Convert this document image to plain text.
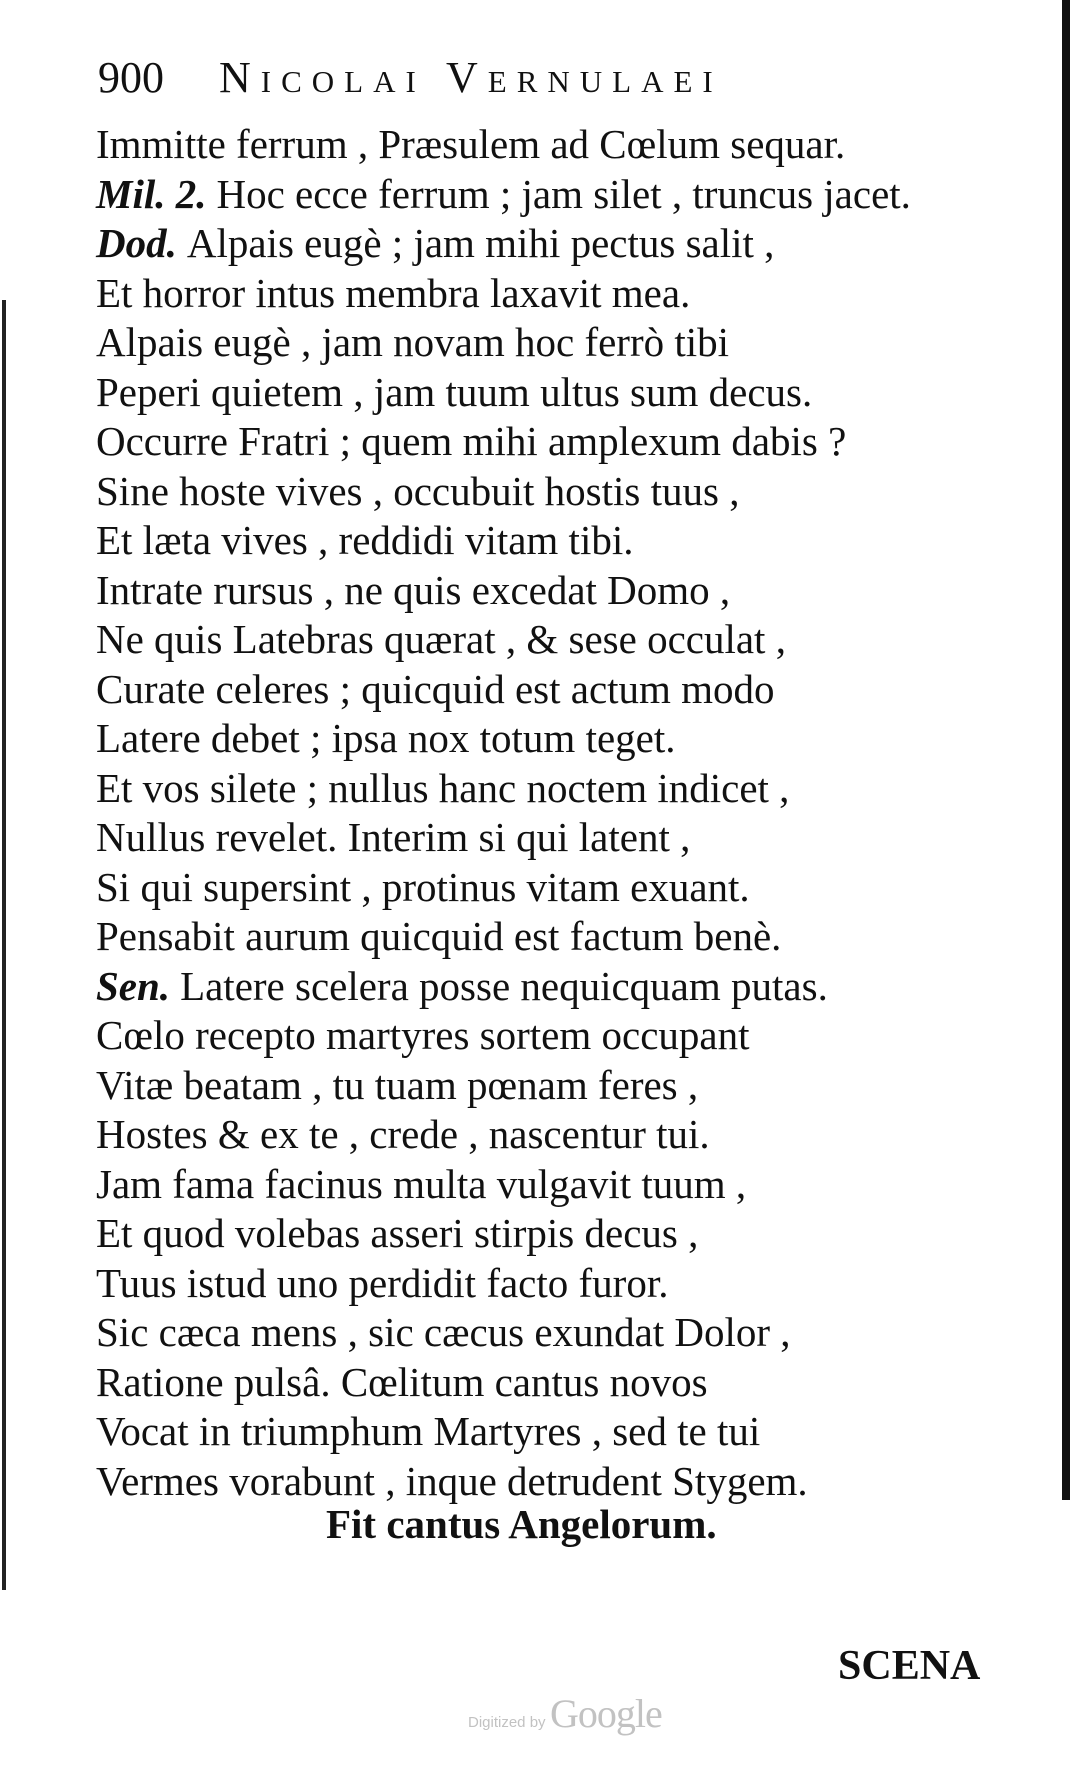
900 Nicolai Vernulaei
Immitte ferrum , Præsulem ad Cœlum sequar.
Mil. 2. Hoc ecce ferrum ; jam silet , truncus jacet.
Dod. Alpais eugè ; jam mihi pectus salit ,
Et horror intus membra laxavit mea.
Alpais eugè , jam novam hoc ferrò tibi
Peperi quietem , jam tuum ultus sum decus.
Occurre Fratri ; quem mihi amplexum dabis ?
Sine hoste vives , occubuit hostis tuus ,
Et læta vives , reddidi vitam tibi.
Intrate rursus , ne quis excedat Domo ,
Ne quis Latebras quærat , & sese occulat ,
Curate celeres ; quicquid est actum modo
Latere debet ; ipsa nox totum teget.
Et vos silete ; nullus hanc noctem indicet ,
Nullus revelet. Interim si qui latent ,
Si qui supersint , protinus vitam exuant.
Pensabit aurum quicquid est factum benè.
Sen. Latere scelera posse nequicquam putas.
Cœlo recepto martyres sortem occupant
Vitæ beatam , tu tuam pœnam feres ,
Hostes & ex te , crede , nascentur tui.
Jam fama facinus multa vulgavit tuum ,
Et quod volebas asseri stirpis decus ,
Tuus istud uno perdidit facto furor.
Sic cæca mens , sic cæcus exundat Dolor ,
Ratione pulsâ. Cœlitum cantus novos
Vocat in triumphum Martyres , sed te tui
Vermes vorabunt , inque detrudent Stygem.
Fit cantus Angelorum.
SCENA
Digitized by Google
